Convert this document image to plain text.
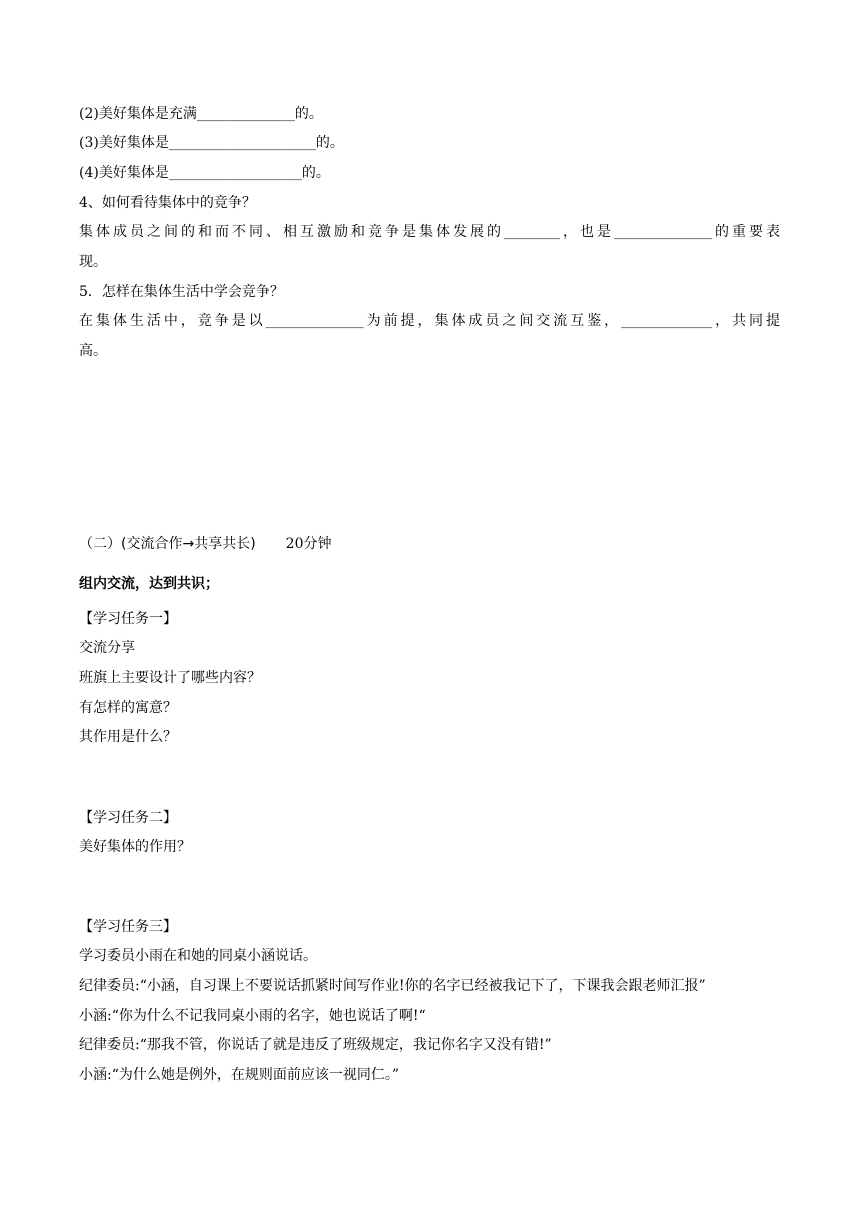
(2)美好集体是充满______________的。
(3)美好集体是_____________________的。
(4)美好集体是___________________的。
4、如何看待集体中的竞争？
集体成员之间的和而不同、相互激励和竞争是集体发展的________，也是______________的重要表
现。
5．怎样在集体生活中学会竞争？
在集体生活中，竞争是以______________为前提，集体成员之间交流互鉴，_____________，共同提
高。
（二）(交流合作→共享共长) 20分钟
组内交流，达到共识；
【学习任务一】
交流分享
班旗上主要设计了哪些内容？
有怎样的寓意？
其作用是什么？
【学习任务二】
美好集体的作用？
【学习任务三】
学习委员小雨在和她的同桌小涵说话。
纪律委员:“小涵，自习课上不要说话抓紧时间写作业!你的名字已经被我记下了，下课我会跟老师汇报”
小涵:“你为什么不记我同桌小雨的名字，她也说话了啊!“
纪律委员:“那我不管，你说话了就是违反了班级规定，我记你名字又没有错!”
小涵:“为什么她是例外，在规则面前应该一视同仁。”
